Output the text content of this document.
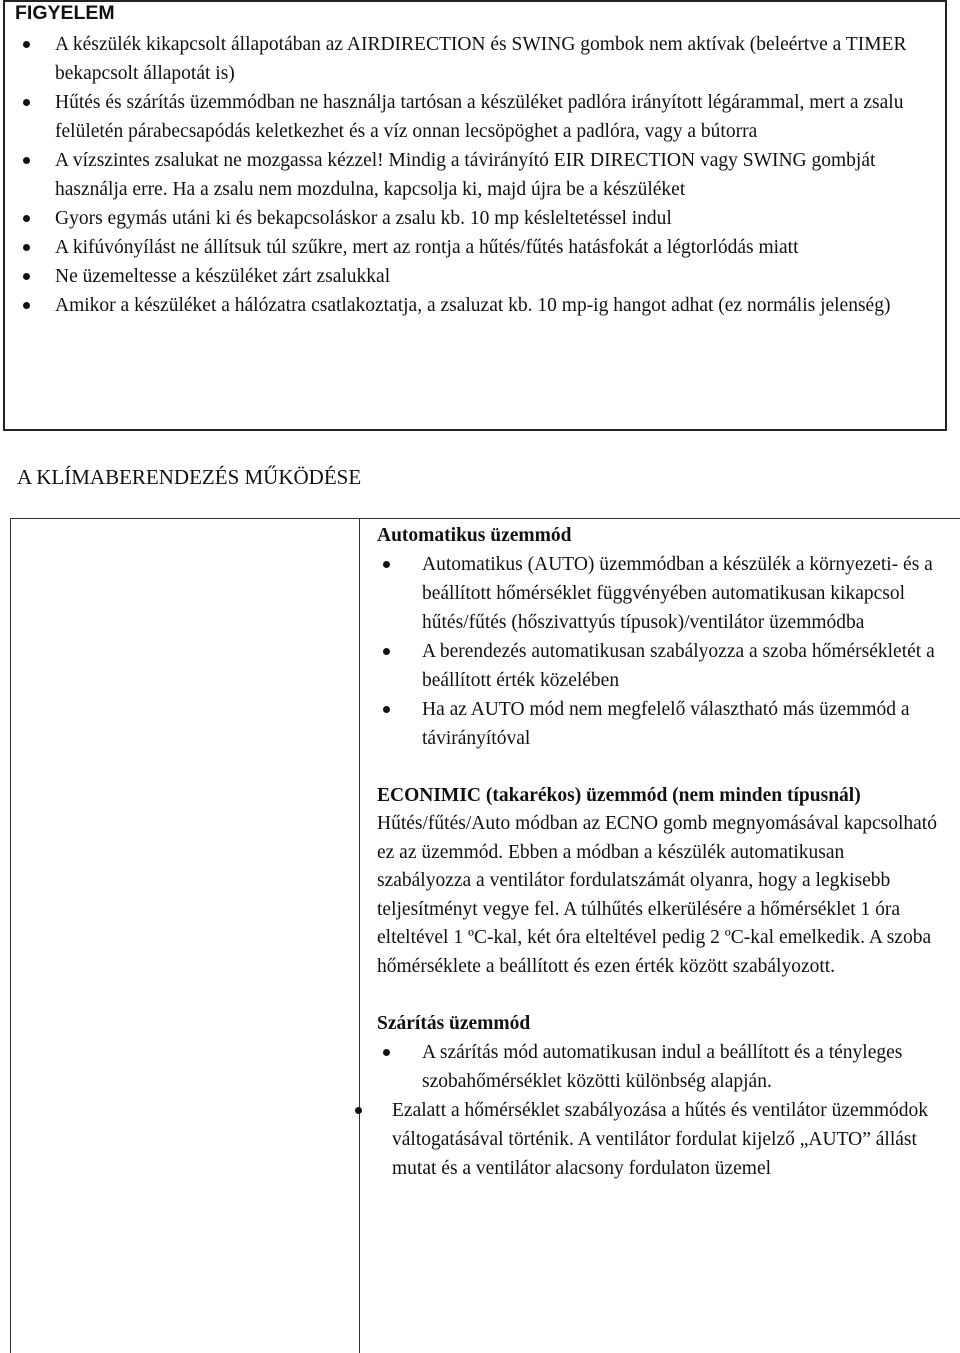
FIGYELEM
A készülék kikapcsolt állapotában az AIRDIRECTION és SWING gombok nem aktívak (beleértve a TIMER bekapcsolt állapotát is)
Hűtés és szárítás üzemmódban ne használja tartósan a készüléket padlóra irányított légárammal, mert a zsalu felületén párabecsapódás keletkezhet és a víz onnan lecsöpöghet a padlóra, vagy a bútorra
A vízszintes zsalukat ne mozgassa kézzel! Mindig a távirányító EIR DIRECTION vagy SWING gombját használja erre. Ha a zsalu nem mozdulna, kapcsolja ki, majd újra be a készüléket
Gyors egymás utáni ki és bekapcsoláskor a zsalu kb. 10 mp késleltetéssel indul
A kifúvónyílást ne állítsuk túl szűkre, mert az rontja a hűtés/fűtés hatásfokát a légtorlódás miatt
Ne üzemeltesse a készüléket zárt zsalukkal
Amikor a készüléket a hálózatra csatlakoztatja, a zsaluzat kb. 10 mp-ig hangot adhat (ez normális jelenség)
A KLÍMABERENDEZÉS MŰKÖDÉSE
Automatikus üzemmód
Automatikus (AUTO) üzemmódban a készülék a környezeti- és a beállított hőmérséklet függvényében automatikusan kikapcsol hűtés/fűtés (hőszivattyús típusok)/ventilátor üzemmódba
A berendezés automatikusan szabályozza a szoba hőmérsékletét a beállított érték közelében
Ha az AUTO mód nem megfelelő választható más üzemmód a távirányítóval
ECONIMIC (takarékos) üzemmód (nem minden típusnál)
Hűtés/fűtés/Auto módban az ECNO gomb megnyomásával kapcsolható ez az üzemmód. Ebben a módban a készülék automatikusan szabályozza a ventilátor fordulatszámát olyanra, hogy a legkisebb teljesítményt vegye fel. A túlhűtés elkerülésére a hőmérséklet 1 óra elteltével 1 ºC-kal, két óra elteltével pedig 2 ºC-kal emelkedik. A szoba hőmérséklete a beállított és ezen érték között szabályozott.
Szárítás üzemmód
A szárítás mód automatikusan indul a beállított és a tényleges szobahőmérséklet közötti különbség alapján.
Ezalatt a hőmérséklet szabályozása a hűtés és ventilátor üzemmódok váltogatásával történik. A ventilátor fordulat kijelző „AUTO” állást mutat és a ventilátor alacsony fordulaton üzemel
